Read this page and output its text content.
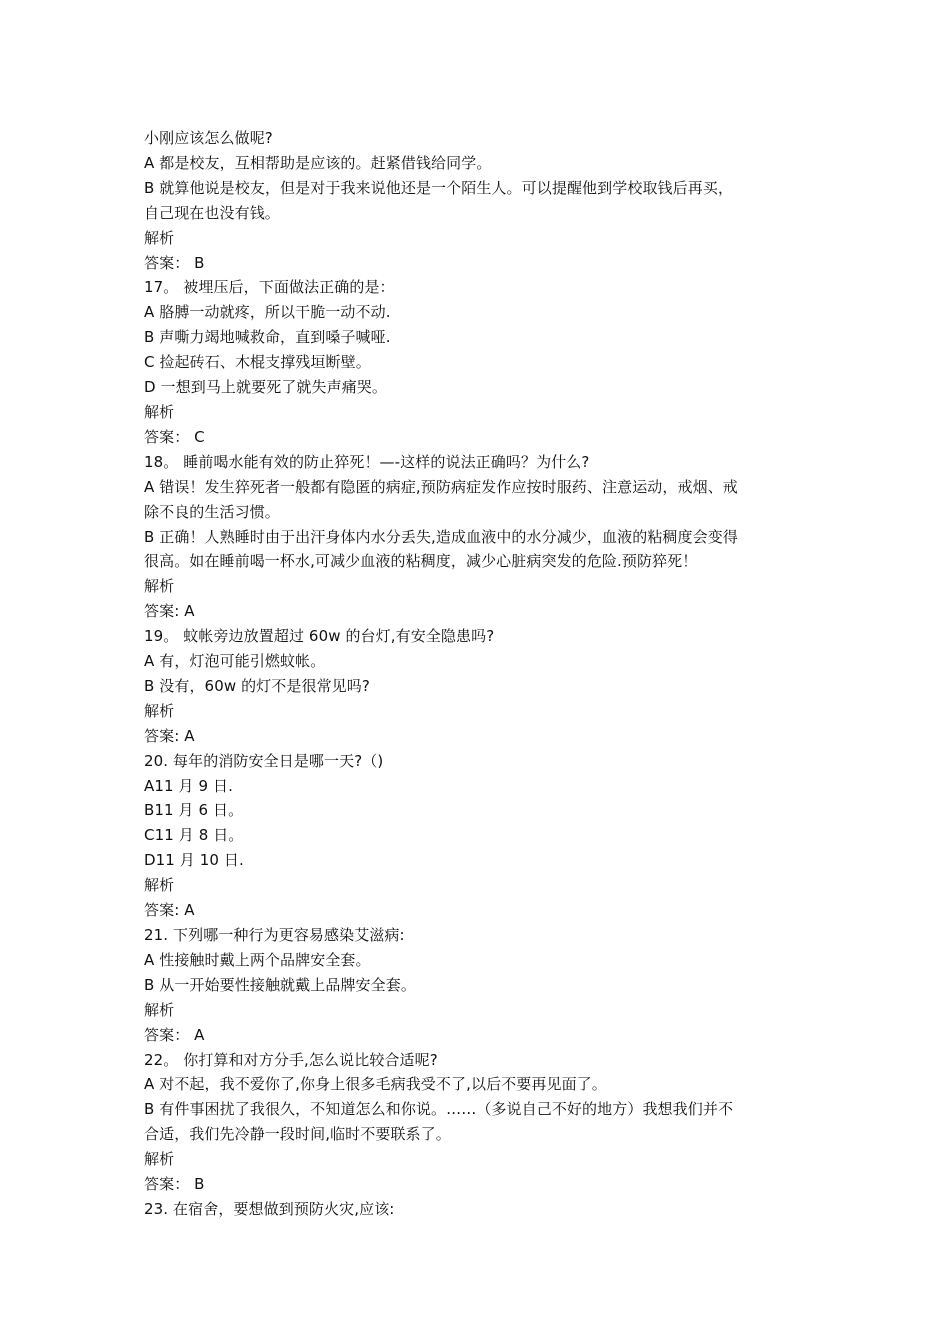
小刚应该怎么做呢?
A 都是校友，互相帮助是应该的。赶紧借钱给同学。
B 就算他说是校友，但是对于我来说他还是一个陌生人。可以提醒他到学校取钱后再买，
自己现在也没有钱。
解析
答案： B
17。 被埋压后，下面做法正确的是：
A 胳膊一动就疼，所以干脆一动不动.
B 声嘶力竭地喊救命，直到嗓子喊哑.
C 捡起砖石、木棍支撑残垣断壁。
D 一想到马上就要死了就失声痛哭。
解析
答案： C
18。 睡前喝水能有效的防止猝死！—-这样的说法正确吗？为什么?
A 错误！发生猝死者一般都有隐匿的病症,预防病症发作应按时服药、注意运动，戒烟、戒
除不良的生活习惯。
B 正确！人熟睡时由于出汗身体内水分丢失,造成血液中的水分减少，血液的粘稠度会变得
很高。如在睡前喝一杯水,可减少血液的粘稠度，减少心脏病突发的危险.预防猝死！
解析
答案: A
19。 蚊帐旁边放置超过 60w 的台灯,有安全隐患吗?
A 有，灯泡可能引燃蚊帐。
B 没有，60w 的灯不是很常见吗?
解析
答案: A
20. 每年的消防安全日是哪一天?（)
A11 月 9 日.
B11 月 6 日。
C11 月 8 日。
D11 月 10 日.
解析
答案: A
21. 下列哪一种行为更容易感染艾滋病:
A 性接触时戴上两个品牌安全套。
B 从一开始要性接触就戴上品牌安全套。
解析
答案： A
22。 你打算和对方分手,怎么说比较合适呢?
A 对不起，我不爱你了,你身上很多毛病我受不了,以后不要再见面了。
B 有件事困扰了我很久，不知道怎么和你说。……（多说自己不好的地方）我想我们并不
合适，我们先冷静一段时间,临时不要联系了。
解析
答案： B
23. 在宿舍，要想做到预防火灾,应该:
